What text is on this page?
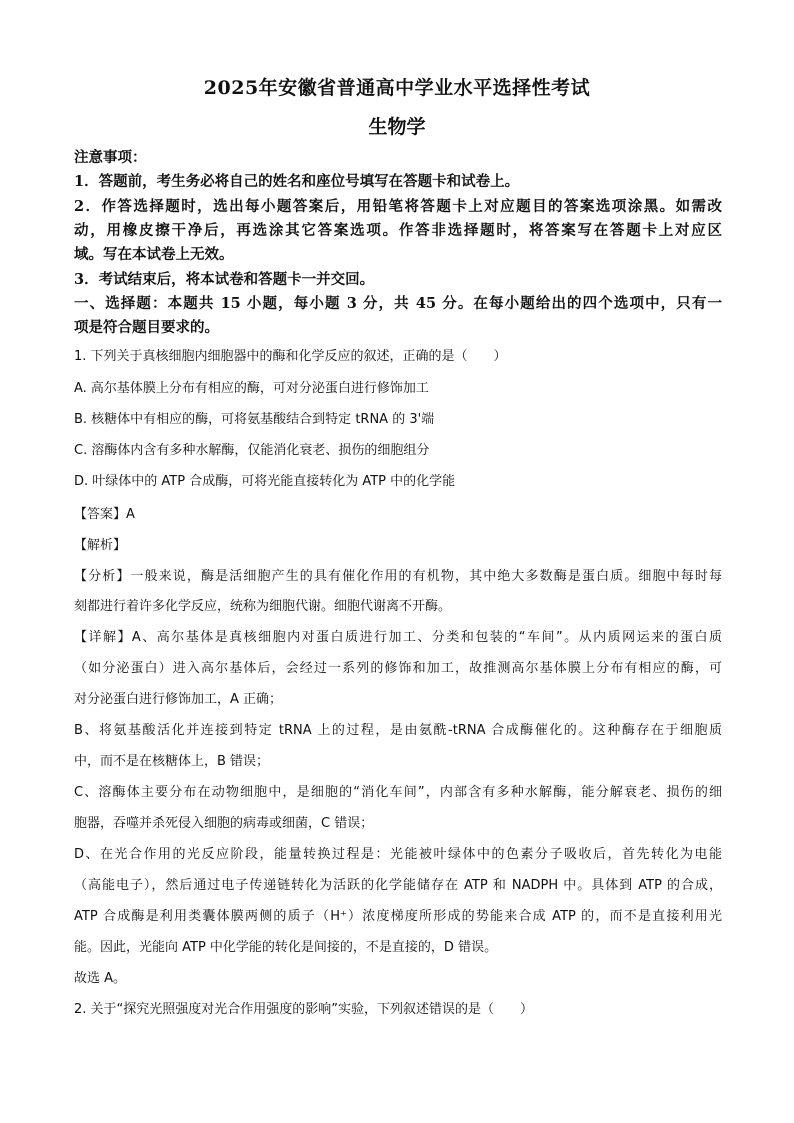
2025年安徽省普通高中学业水平选择性考试
生物学
注意事项：
1．答题前，考生务必将自己的姓名和座位号填写在答题卡和试卷上。
2．作答选择题时，选出每小题答案后，用铅笔将答题卡上对应题目的答案选项涂黑。如需改
动，用橡皮擦干净后，再选涂其它答案选项。作答非选择题时，将答案写在答题卡上对应区
域。写在本试卷上无效。
3．考试结束后，将本试卷和答题卡一并交回。
一、选择题：本题共 15 小题，每小题 3 分，共 45 分。在每小题给出的四个选项中，只有一
项是符合题目要求的。
1. 下列关于真核细胞内细胞器中的酶和化学反应的叙述，正确的是（　　）
A. 高尔基体膜上分布有相应的酶，可对分泌蛋白进行修饰加工
B. 核糖体中有相应的酶，可将氨基酸结合到特定 tRNA 的 3'端
C. 溶酶体内含有多种水解酶，仅能消化衰老、损伤的细胞组分
D. 叶绿体中的 ATP 合成酶，可将光能直接转化为 ATP 中的化学能
【答案】A
【解析】
【分析】一般来说，酶是活细胞产生的具有催化作用的有机物，其中绝大多数酶是蛋白质。细胞中每时每
刻都进行着许多化学反应，统称为细胞代谢。细胞代谢离不开酶。
【详解】A、高尔基体是真核细胞内对蛋白质进行加工、分类和包装的“车间”。从内质网运来的蛋白质
（如分泌蛋白）进入高尔基体后，会经过一系列的修饰和加工，故推测高尔基体膜上分布有相应的酶，可
对分泌蛋白进行修饰加工，A 正确；
B、将氨基酸活化并连接到特定 tRNA 上的过程，是由氨酰-tRNA 合成酶催化的。这种酶存在于细胞质
中，而不是在核糖体上，B 错误；
C、溶酶体主要分布在动物细胞中，是细胞的“消化车间”，内部含有多种水解酶，能分解衰老、损伤的细
胞器，吞噬并杀死侵入细胞的病毒或细菌，C 错误；
D、在光合作用的光反应阶段，能量转换过程是：光能被叶绿体中的色素分子吸收后，首先转化为电能
（高能电子），然后通过电子传递链转化为活跃的化学能储存在 ATP 和 NADPH 中。具体到 ATP 的合成，
ATP 合成酶是利用类囊体膜两侧的质子（H⁺）浓度梯度所形成的势能来合成 ATP 的，而不是直接利用光
能。因此，光能向 ATP 中化学能的转化是间接的，不是直接的，D 错误。
故选 A。
2. 关于“探究光照强度对光合作用强度的影响”实验，下列叙述错误的是（　　）
